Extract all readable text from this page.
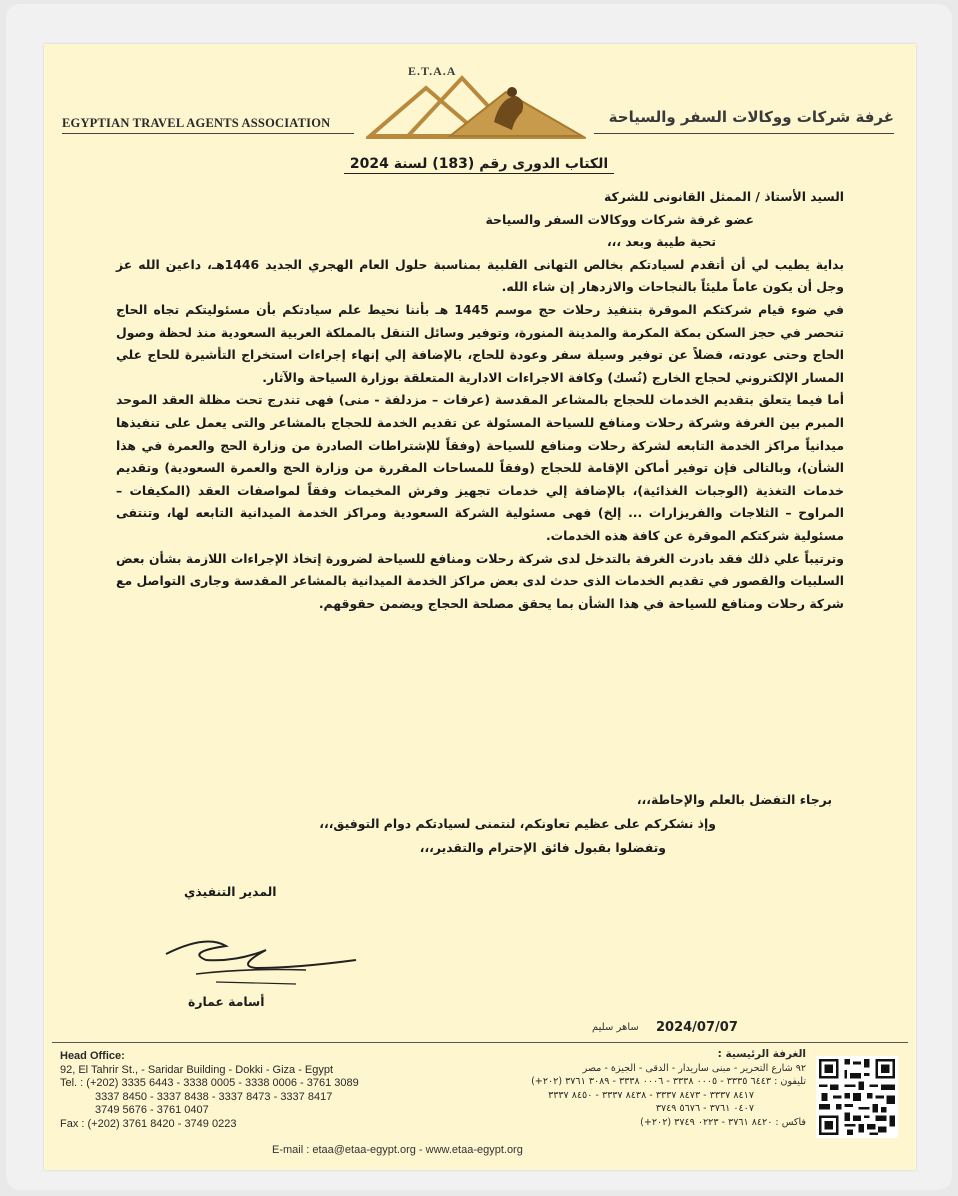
EGYPTIAN TRAVEL AGENTS ASSOCIATION
E.T.A.A
غرفة شركات ووكالات السفر والسياحة
الكتاب الدورى رقم (183) لسنة 2024

السيد الأستاذ / الممثل القانونى للشركة

عضو غرفة شركات ووكالات السفر والسياحة

تحية طيبة وبعد ،،،

بداية يطيب لي أن أتقدم لسيادتكم بخالص التهانى القلبية بمناسبة حلول العام الهجري الجديد 1446هـ، داعين الله عز وجل أن يكون عاماً مليئاً بالنجاحات والازدهار إن شاء الله.

في ضوء قيام شركتكم الموقرة بتنفيذ رحلات حج موسم 1445 هـ بأننا نحيط علم سيادتكم بأن مسئوليتكم تجاه الحاج تنحصر في حجز السكن بمكة المكرمة والمدينة المنورة، وتوفير وسائل التنقل بالمملكة العربية السعودية منذ لحظة وصول الحاج وحتى عودته، فضلاً عن توفير وسيلة سفر وعودة للحاج، بالإضافة إلي إنهاء إجراءات استخراج التأشيرة للحاج علي المسار الإلكتروني لحجاج الخارج (نُسك) وكافة الاجراءات الادارية المتعلقة بوزارة السياحة والآثار.

أما فيما يتعلق بتقديم الخدمات للحجاج بالمشاعر المقدسة (عرفات – مزدلفة - منى) فهى تندرج تحت مظلة العقد الموحد المبرم بين الغرفة وشركة رحلات ومنافع للسياحة المسئولة عن تقديم الخدمة للحجاج بالمشاعر والتى يعمل على تنفيذها ميدانياً مراكز الخدمة التابعه لشركة رحلات ومنافع للسياحة (وفقاً للإشتراطات الصادرة من وزارة الحج والعمرة في هذا الشأن)، وبالتالى فإن توفير أماكن الإقامة للحجاج (وفقاً للمساحات المقررة من وزارة الحج والعمرة السعودية) وتقديم خدمات التغذية (الوجبات الغذائية)، بالإضافة إلي خدمات تجهيز وفرش المخيمات وفقاً لمواصفات العقد (المكيفات – المراوح – الثلاجات والفريزارات ... إلخ) فهى مسئولية الشركة السعودية ومراكز الخدمة الميدانية التابعه لها، وتنتفى مسئولية شركتكم الموقرة عن كافة هذه الخدمات.

وترتيباً علي ذلك فقد بادرت الغرفة بالتدخل لدى شركة رحلات ومنافع للسياحة لضرورة إتخاذ الإجراءات اللازمة بشأن بعض السلبيات والقصور في تقديم الخدمات الذى حدث لدى بعض مراكز الخدمة الميدانية بالمشاعر المقدسة وجارى التواصل مع شركة رحلات ومنافع للسياحة في هذا الشأن بما يحقق مصلحة الحجاج ويضمن حقوقهم.

برجاء التفضل بالعلم والإحاطة،،،
وإذ نشكركم على عظيم تعاونكم، لنتمنى لسيادتكم دوام التوفيق،،،
وتفضلوا بقبول فائق الإحترام والتقدير،،،
المدير التنفيذي
أسامة عمارة
2024/07/07
ساهر سليم
Head Office:
92, El Tahrir St., - Saridar Building - Dokki - Giza - Egypt
Tel. : (+202) 3335 6443 - 3338 0005 - 3338 0006 - 3761 3089
3337 8450 - 3337 8438 - 3337 8473 - 3337 8417
3749 5676 - 3761 0407
Fax : (+202) 3761 8420 - 3749 0223
الغرفة الرئيسية :
٩٢ شارع التحرير - مبنى ساريدار - الدقى - الجيزة - مصر
تليفون : ٦٤٤٣ ٣٣٣٥ - ٠٠٠٥ ٣٣٣٨ - ٠٠٠٦ ٣٣٣٨ - ٣٠٨٩ ٣٧٦١ (٢٠٢+)
٨٤١٧ ٣٣٣٧ - ٨٤٧٣ ٣٣٣٧ - ٨٤٣٨ ٣٣٣٧ - ٨٤٥٠ ٣٣٣٧
٠٤٠٧ ٣٧٦١ - ٥٦٧٦ ٣٧٤٩
فاكس : ٨٤٢٠ ٣٧٦١ - ٠٢٢٣ ٣٧٤٩ (٢٠٢+)
E-mail : etaa@etaa-egypt.org - www.etaa-egypt.org
